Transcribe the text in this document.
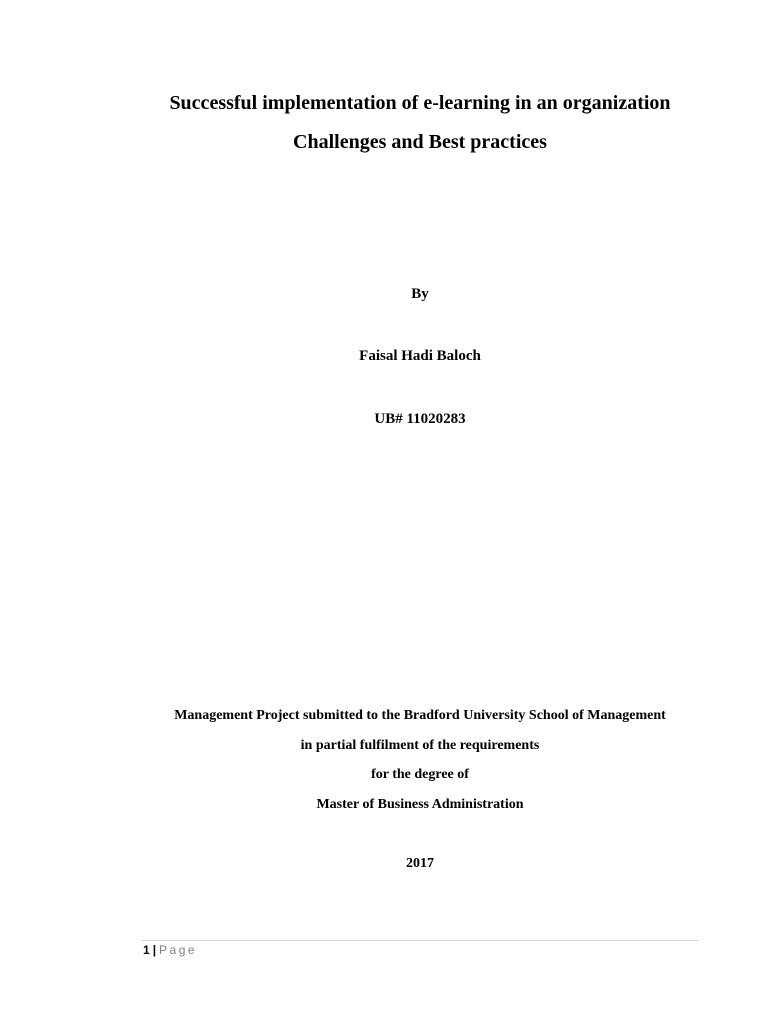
Successful implementation of e-learning in an organization
Challenges and Best practices
By
Faisal Hadi Baloch
UB# 11020283
Management Project submitted to the Bradford University School of Management
in partial fulfilment of the requirements
for the degree of
Master of Business Administration
2017
1 | Page
